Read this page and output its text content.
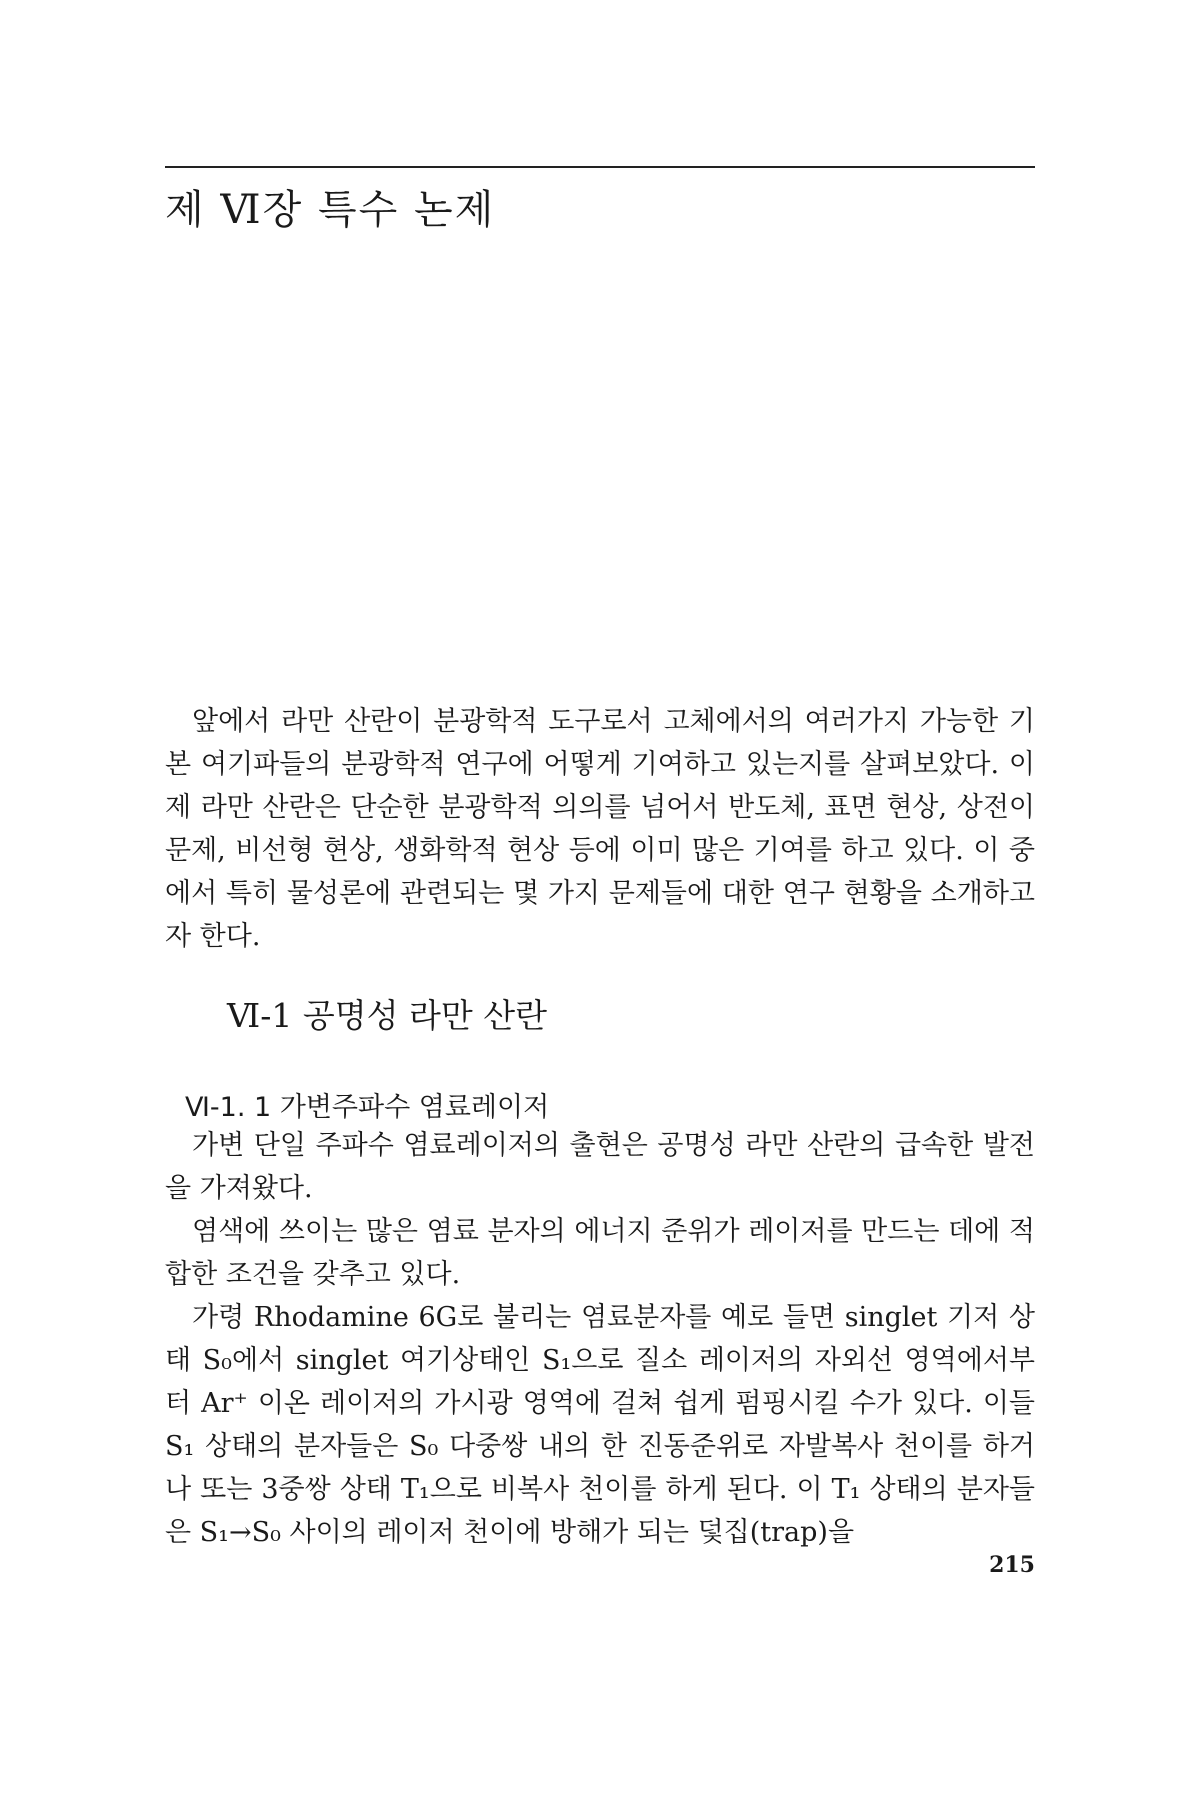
제 Ⅵ장 특수 논제

앞에서 라만 산란이 분광학적 도구로서 고체에서의 여러가지 가능한 기본 여기파들의 분광학적 연구에 어떻게 기여하고 있는지를 살펴보았다. 이제 라만 산란은 단순한 분광학적 의의를 넘어서 반도체, 표면 현상, 상전이 문제, 비선형 현상, 생화학적 현상 등에 이미 많은 기여를 하고 있다. 이 중에서 특히 물성론에 관련되는 몇 가지 문제들에 대한 연구 현황을 소개하고자 한다.

Ⅵ-1 공명성 라만 산란
Ⅵ-1. 1 가변주파수 염료레이저

가변 단일 주파수 염료레이저의 출현은 공명성 라만 산란의 급속한 발전을 가져왔다.

염색에 쓰이는 많은 염료 분자의 에너지 준위가 레이저를 만드는 데에 적합한 조건을 갖추고 있다.

가령 Rhodamine 6G로 불리는 염료분자를 예로 들면 singlet 기저 상태 S₀에서 singlet 여기상태인 S₁으로 질소 레이저의 자외선 영역에서부터 Ar⁺ 이온 레이저의 가시광 영역에 걸쳐 쉽게 펌핑시킬 수가 있다. 이들 S₁ 상태의 분자들은 S₀ 다중쌍 내의 한 진동준위로 자발복사 천이를 하거나 또는 3중쌍 상태 T₁으로 비복사 천이를 하게 된다. 이 T₁ 상태의 분자들은 S₁→S₀ 사이의 레이저 천이에 방해가 되는 덫집(trap)을

215
